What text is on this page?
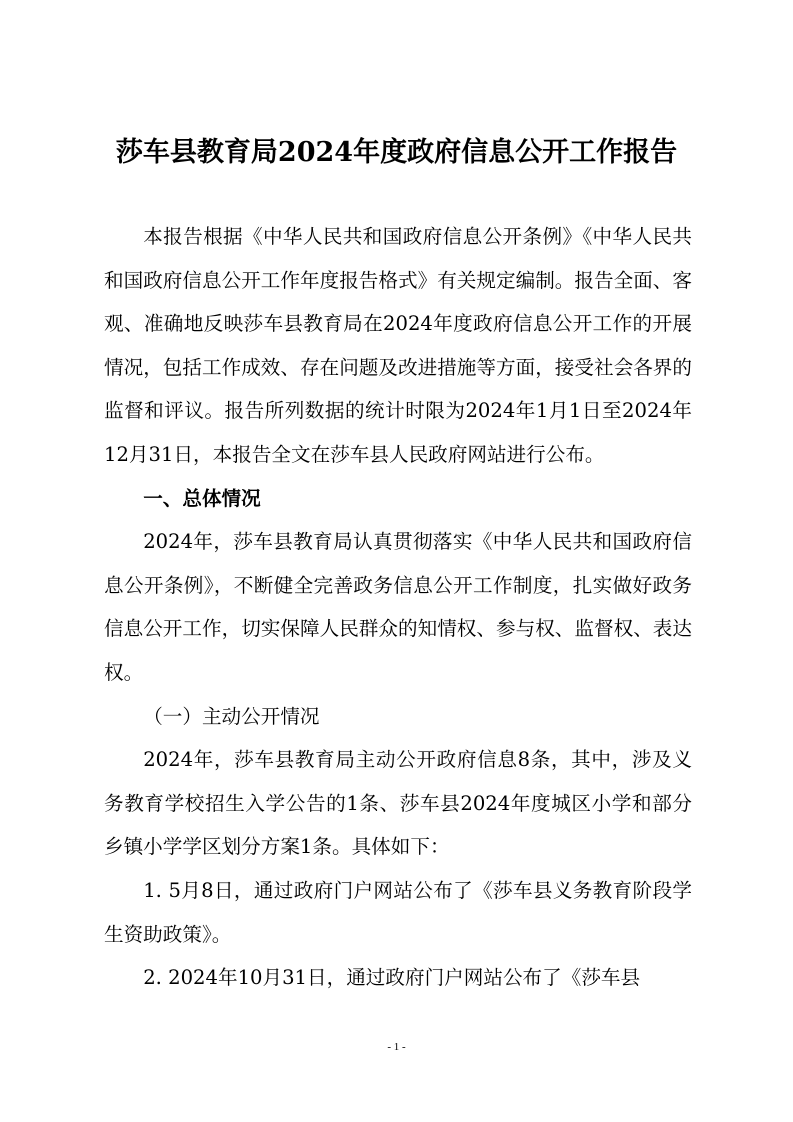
莎车县教育局2024年度政府信息公开工作报告

本报告根据《中华人民共和国政府信息公开条例》《中华人民共和国政府信息公开工作年度报告格式》有关规定编制。报告全面、客观、准确地反映莎车县教育局在2024年度政府信息公开工作的开展情况，包括工作成效、存在问题及改进措施等方面，接受社会各界的监督和评议。报告所列数据的统计时限为2024年1月1日至2024年12月31日，本报告全文在莎车县人民政府网站进行公布。

一、总体情况

2024年，莎车县教育局认真贯彻落实《中华人民共和国政府信息公开条例》，不断健全完善政务信息公开工作制度，扎实做好政务信息公开工作，切实保障人民群众的知情权、参与权、监督权、表达权。

（一）主动公开情况

2024年，莎车县教育局主动公开政府信息8条，其中，涉及义务教育学校招生入学公告的1条、莎车县2024年度城区小学和部分乡镇小学学区划分方案1条。具体如下：

1. 5月8日，通过政府门户网站公布了《莎车县义务教育阶段学生资助政策》。

2. 2024年10月31日，通过政府门户网站公布了《莎车县

- 1 -
